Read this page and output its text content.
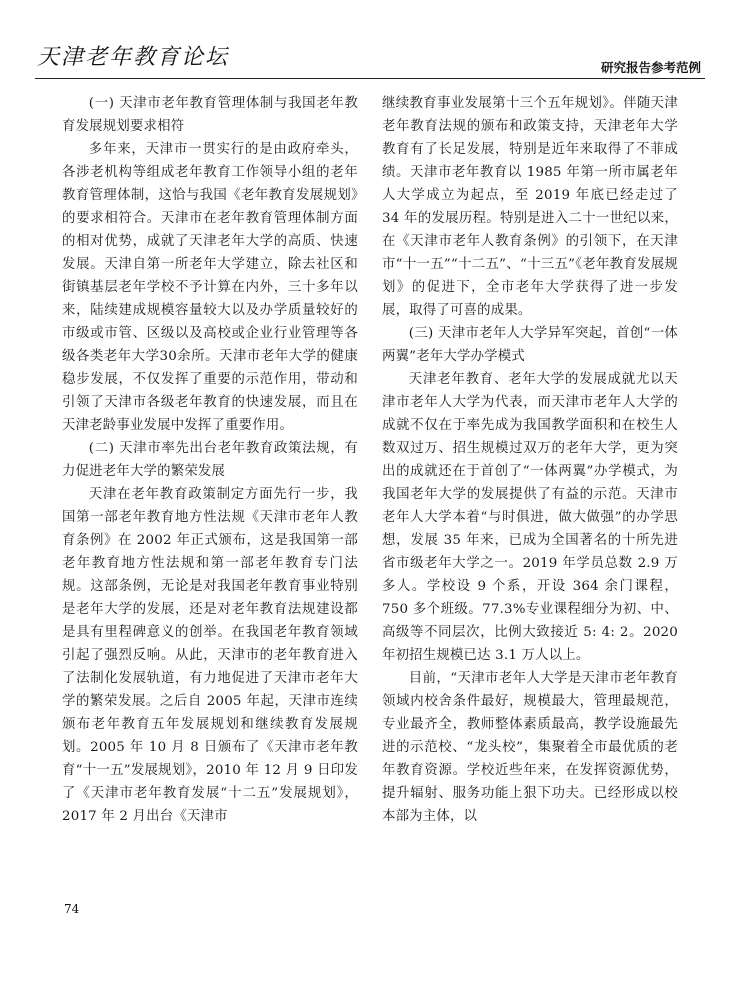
天津老年教育论坛	研究报告参考范例

(一) 天津市老年教育管理体制与我国老年教育发展规划要求相符

多年来，天津市一贯实行的是由政府牵头，各涉老机构等组成老年教育工作领导小组的老年教育管理体制，这恰与我国《老年教育发展规划》的要求相符合。天津市在老年教育管理体制方面的相对优势，成就了天津老年大学的高质、快速发展。天津自第一所老年大学建立，除去社区和街镇基层老年学校不予计算在内外，三十多年以来，陆续建成规模容量较大以及办学质量较好的市级或市管、区级以及高校或企业行业管理等各级各类老年大学30余所。天津市老年大学的健康稳步发展，不仅发挥了重要的示范作用，带动和引领了天津市各级老年教育的快速发展，而且在天津老龄事业发展中发挥了重要作用。

(二) 天津市率先出台老年教育政策法规，有力促进老年大学的繁荣发展

天津在老年教育政策制定方面先行一步，我国第一部老年教育地方性法规《天津市老年人教育条例》在 2002 年正式颁布，这是我国第一部老年教育地方性法规和第一部老年教育专门法规。这部条例，无论是对我国老年教育事业特别是老年大学的发展，还是对老年教育法规建设都是具有里程碑意义的创举。在我国老年教育领域引起了强烈反响。从此，天津市的老年教育进入了法制化发展轨道，有力地促进了天津市老年大学的繁荣发展。之后自 2005 年起，天津市连续颁布老年教育五年发展规划和继续教育发展规划。2005 年 10 月 8 日颁布了《天津市老年教育“十一五”发展规划》，2010 年 12 月 9 日印发了《天津市老年教育发展“十二五”发展规划》，2017 年 2 月出台《天津市

继续教育事业发展第十三个五年规划》。伴随天津老年教育法规的颁布和政策支持，天津老年大学教育有了长足发展，特别是近年来取得了不菲成绩。天津市老年教育以 1985 年第一所市属老年人大学成立为起点，至 2019 年底已经走过了 34 年的发展历程。特别是进入二十一世纪以来，在《天津市老年人教育条例》的引领下，在天津市“十一五”“十二五”、“十三五”《老年教育发展规划》的促进下，全市老年大学获得了进一步发展，取得了可喜的成果。

(三) 天津市老年人大学异军突起，首创“一体两翼”老年大学办学模式

天津老年教育、老年大学的发展成就尤以天津市老年人大学为代表，而天津市老年人大学的成就不仅在于率先成为我国教学面积和在校生人数双过万、招生规模过双万的老年大学，更为突出的成就还在于首创了“一体两翼”办学模式，为我国老年大学的发展提供了有益的示范。天津市老年人大学本着“与时俱进，做大做强”的办学思想，发展 35 年来，已成为全国著名的十所先进省市级老年大学之一。2019 年学员总数 2.9 万多人。学校设 9 个系，开设 364 余门课程，750 多个班级。77.3%专业课程细分为初、中、高级等不同层次，比例大致接近 5: 4: 2。2020 年初招生规模已达 3.1 万人以上。

目前，“天津市老年人大学是天津市老年教育领域内校舍条件最好，规模最大，管理最规范，专业最齐全，教师整体素质最高，教学设施最先进的示范校、“龙头校”，集聚着全市最优质的老年教育资源。学校近些年来，在发挥资源优势，提升辐射、服务功能上狠下功夫。已经形成以校本部为主体，以

74
